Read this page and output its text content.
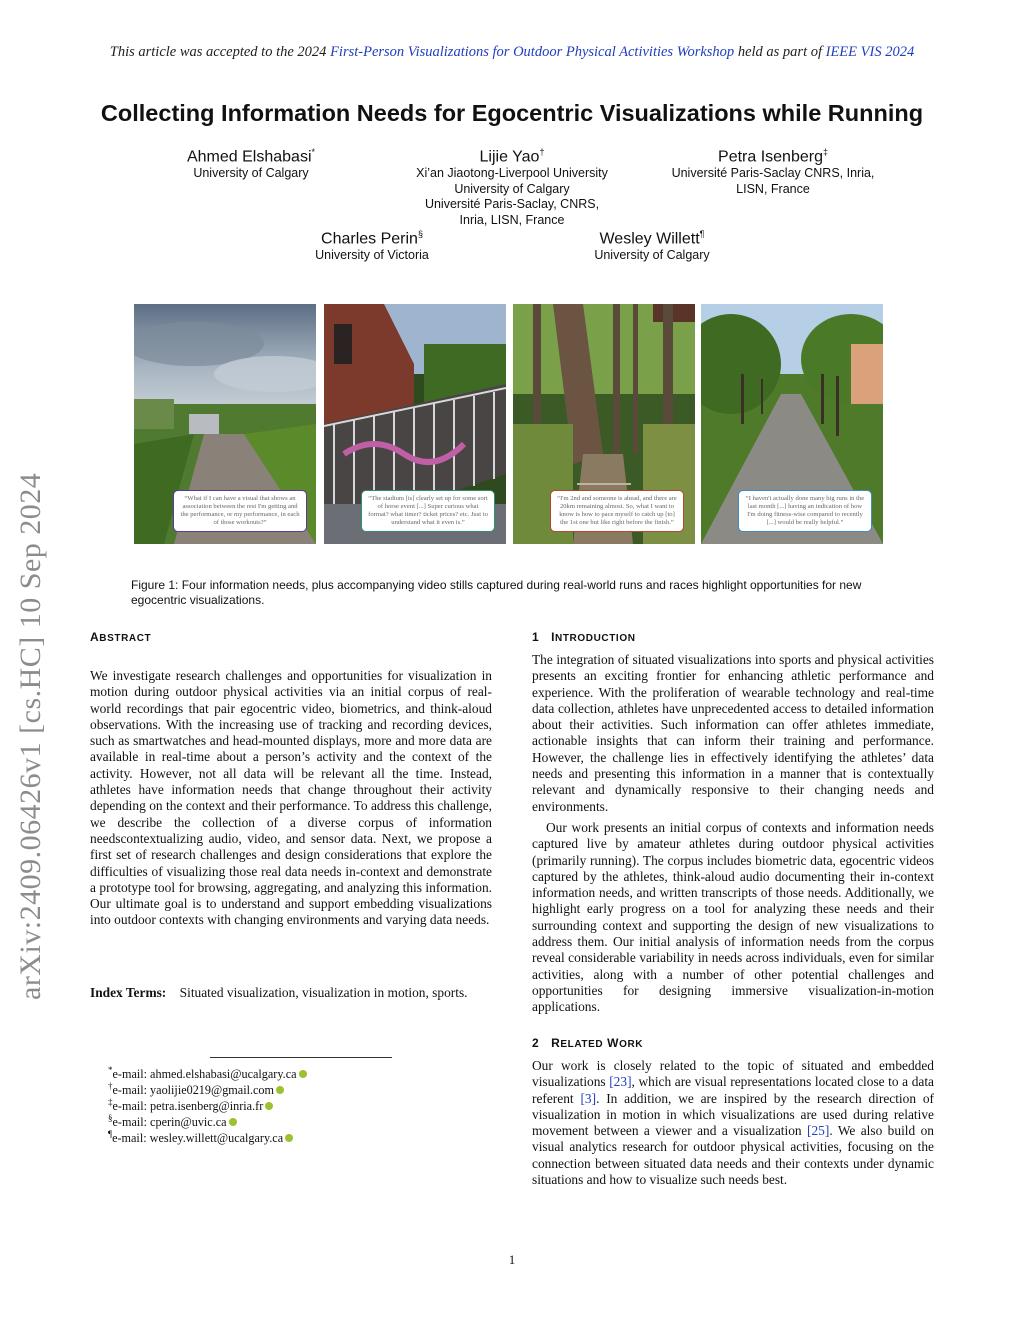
This article was accepted to the 2024 First-Person Visualizations for Outdoor Physical Activities Workshop held as part of IEEE VIS 2024
Collecting Information Needs for Egocentric Visualizations while Running
Ahmed Elshabasi*
University of Calgary
Lijie Yao†
Xi’an Jiaotong-Liverpool University
University of Calgary
Université Paris-Saclay, CNRS,
Inria, LISN, France
Petra Isenberg‡
Université Paris-Saclay CNRS, Inria,
LISN, France
Charles Perin§
University of Victoria
Wesley Willett¶
University of Calgary
arXiv:2409.06426v1 [cs.HC] 10 Sep 2024	“What if I can have a visual that shows an association between the rest I'm getting and the performance, or my performance, in each of those workouts?”
“The stadium [is] clearly set up for some sort of horse event [...] Super curious what format? what timer? ticket prices? etc. Just to understand what it even is.”
“I'm 2nd and someone is ahead, and there are 20km remaining almost. So, what I want to know is how to pace myself to catch up [to] the 1st one but like right before the finish.”
“I haven't actually done many big runs in the last month [...] having an indication of how I'm doing fitness-wise compared to recently [...] would be really helpful.”
Figure 1: Four information needs, plus accompanying video stills captured during real-world runs and races highlight opportunities for new egocentric visualizations.
ABSTRACT
We investigate research challenges and opportunities for visualization in motion during outdoor physical activities via an initial corpus of real-world recordings that pair egocentric video, biometrics, and think-aloud observations. With the increasing use of tracking and recording devices, such as smartwatches and head-mounted displays, more and more data are available in real-time about a person’s activity and the context of the activity. However, not all data will be relevant all the time. Instead, athletes have information needs that change throughout their activity depending on the context and their performance. To address this challenge, we describe the collection of a diverse corpus of information needscontextualizing audio, video, and sensor data. Next, we propose a first set of research challenges and design considerations that explore the difficulties of visualizing those real data needs in-context and demonstrate a prototype tool for browsing, aggregating, and analyzing this information. Our ultimate goal is to understand and support embedding visualizations into outdoor contexts with changing environments and varying data needs.
Index Terms: Situated visualization, visualization in motion, sports.
*e-mail: ahmed.elshabasi@ucalgary.ca
†e-mail: yaolijie0219@gmail.com
‡e-mail: petra.isenberg@inria.fr
§e-mail: cperin@uvic.ca
¶e-mail: wesley.willett@ucalgary.ca
1 INTRODUCTION
The integration of situated visualizations into sports and physical activities presents an exciting frontier for enhancing athletic performance and experience. With the proliferation of wearable technology and real-time data collection, athletes have unprecedented access to detailed information about their activities. Such information can offer athletes immediate, actionable insights that can inform their training and performance. However, the challenge lies in effectively identifying the athletes’ data needs and presenting this information in a manner that is contextually relevant and dynamically responsive to their changing needs and environments.
Our work presents an initial corpus of contexts and information needs captured live by amateur athletes during outdoor physical activities (primarily running). The corpus includes biometric data, egocentric videos captured by the athletes, think-aloud audio documenting their in-context information needs, and written transcripts of those needs. Additionally, we highlight early progress on a tool for analyzing these needs and their surrounding context and supporting the design of new visualizations to address them. Our initial analysis of information needs from the corpus reveal considerable variability in needs across individuals, even for similar activities, along with a number of other potential challenges and opportunities for designing immersive visualization-in-motion applications.
2 RELATED WORK
Our work is closely related to the topic of situated and embedded visualizations [23], which are visual representations located close to a data referent [3]. In addition, we are inspired by the research direction of visualization in motion in which visualizations are used during relative movement between a viewer and a visualization [25]. We also build on visual analytics research for outdoor physical activities, focusing on the connection between situated data needs and their contexts under dynamic situations and how to visualize such needs best.
1
